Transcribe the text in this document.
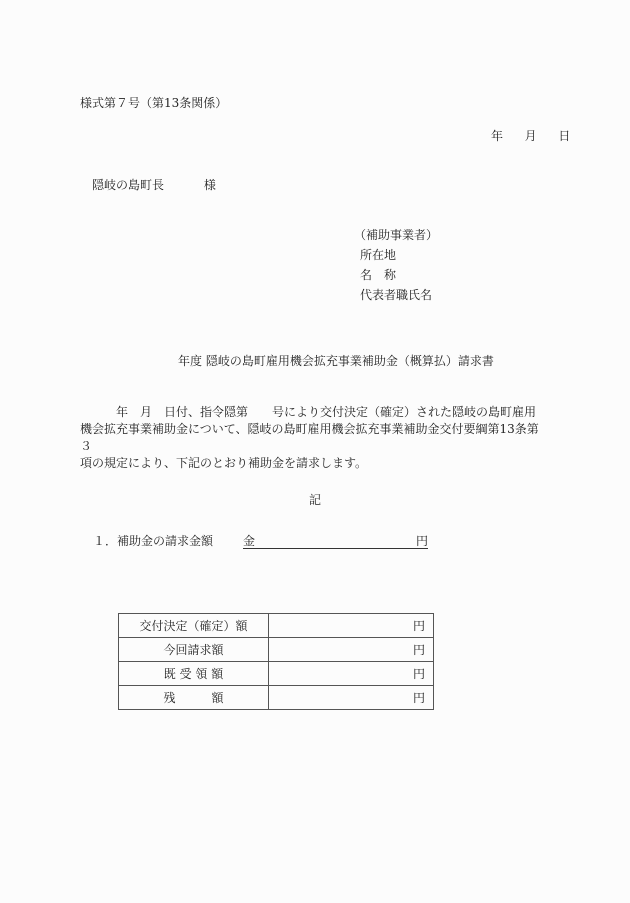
様式第７号（第13条関係）
年 月 日
隠岐の島町長	様
（補助事業者）
所在地
名　称
代表者職氏名
年度 隠岐の島町雇用機会拡充事業補助金（概算払）請求書

　　　年　月　日付、指令隠第　　号により交付決定（確定）された隠岐の島町雇用

機会拡充事業補助金について、隠岐の島町雇用機会拡充事業補助金交付要綱第13条第３

項の規定により、下記のとおり補助金を請求します。

記
１．補助金の請求金額 金	円
交付決定（確定）額	円
今回請求額	円
既 受 領 額	円
残　　　額	円
